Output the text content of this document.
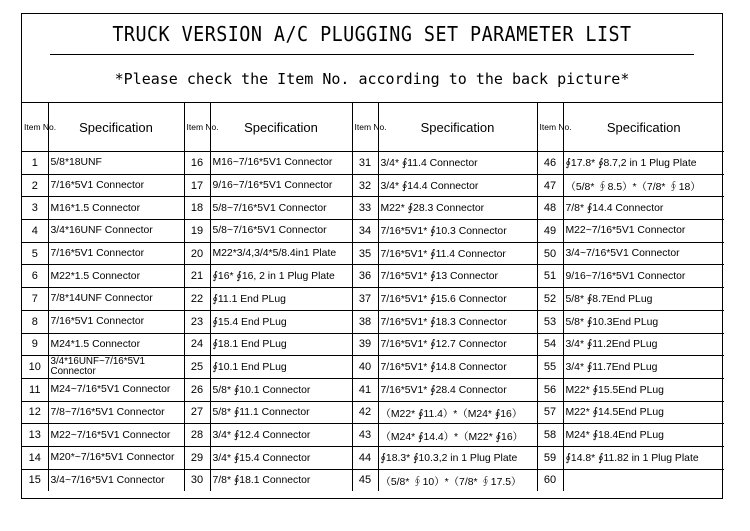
TRUCK VERSION A/C PLUGGING SET PARAMETER LIST
*Please check the Item No. according to the back picture*
Item No.	Specification	Item No.	Specification	Item No.	Specification	Item No.	Specification
1	5/8*18UNF	16	M16~7/16*5V1 Connector	31	3/4* ∮11.4 Connector	46	∮17.8* ∮8.7,2 in 1 Plug Plate
2	7/16*5V1 Connector	17	9/16~7/16*5V1 Connector	32	3/4* ∮14.4 Connector	47	（5/8* ∮8.5）*（7/8* ∮18）
3	M16*1.5 Connector	18	5/8~7/16*5V1 Connector	33	M22* ∮28.3 Connector	48	7/8* ∮14.4 Connector
4	3/4*16UNF Connector	19	5/8~7/16*5V1 Connector	34	7/16*5V1* ∮10.3 Connector	49	M22~7/16*5V1 Connector
5	7/16*5V1 Connector	20	M22*3/4,3/4*5/8.4in1 Plate	35	7/16*5V1* ∮11.4 Connector	50	3/4~7/16*5V1 Connector
6	M22*1.5 Connector	21	∮16* ∮16, 2 in 1 Plug Plate	36	7/16*5V1* ∮13 Connector	51	9/16~7/16*5V1 Connector
7	7/8*14UNF Connector	22	∮11.1 End PLug	37	7/16*5V1* ∮15.6 Connector	52	5/8* ∮8.7End PLug
8	7/16*5V1 Connector	23	∮15.4 End PLug	38	7/16*5V1* ∮18.3 Connector	53	5/8* ∮10.3End PLug
9	M24*1.5 Connector	24	∮18.1 End PLug	39	7/16*5V1* ∮12.7 Connector	54	3/4* ∮11.2End PLug
10	3/4*16UNF~7/16*5V1 Connector	25	∮10.1 End PLug	40	7/16*5V1* ∮14.8 Connector	55	3/4* ∮11.7End PLug
11	M24~7/16*5V1 Connector	26	5/8* ∮10.1 Connector	41	7/16*5V1* ∮28.4 Connector	56	M22* ∮15.5End PLug
12	7/8~7/16*5V1 Connector	27	5/8* ∮11.1 Connector	42	（M22* ∮11.4）*（M24* ∮16）	57	M22* ∮14.5End PLug
13	M22~7/16*5V1 Connector	28	3/4* ∮12.4 Connector	43	（M24* ∮14.4）*（M22* ∮16）	58	M24* ∮18.4End PLug
14	M20*~7/16*5V1 Connector	29	3/4* ∮15.4 Connector	44	∮18.3* ∮10.3,2 in 1 Plug Plate	59	∮14.8* ∮11.82 in 1 Plug Plate
15	3/4~7/16*5V1 Connector	30	7/8* ∮18.1 Connector	45	（5/8* ∮10）*（7/8* ∮17.5）	60	
